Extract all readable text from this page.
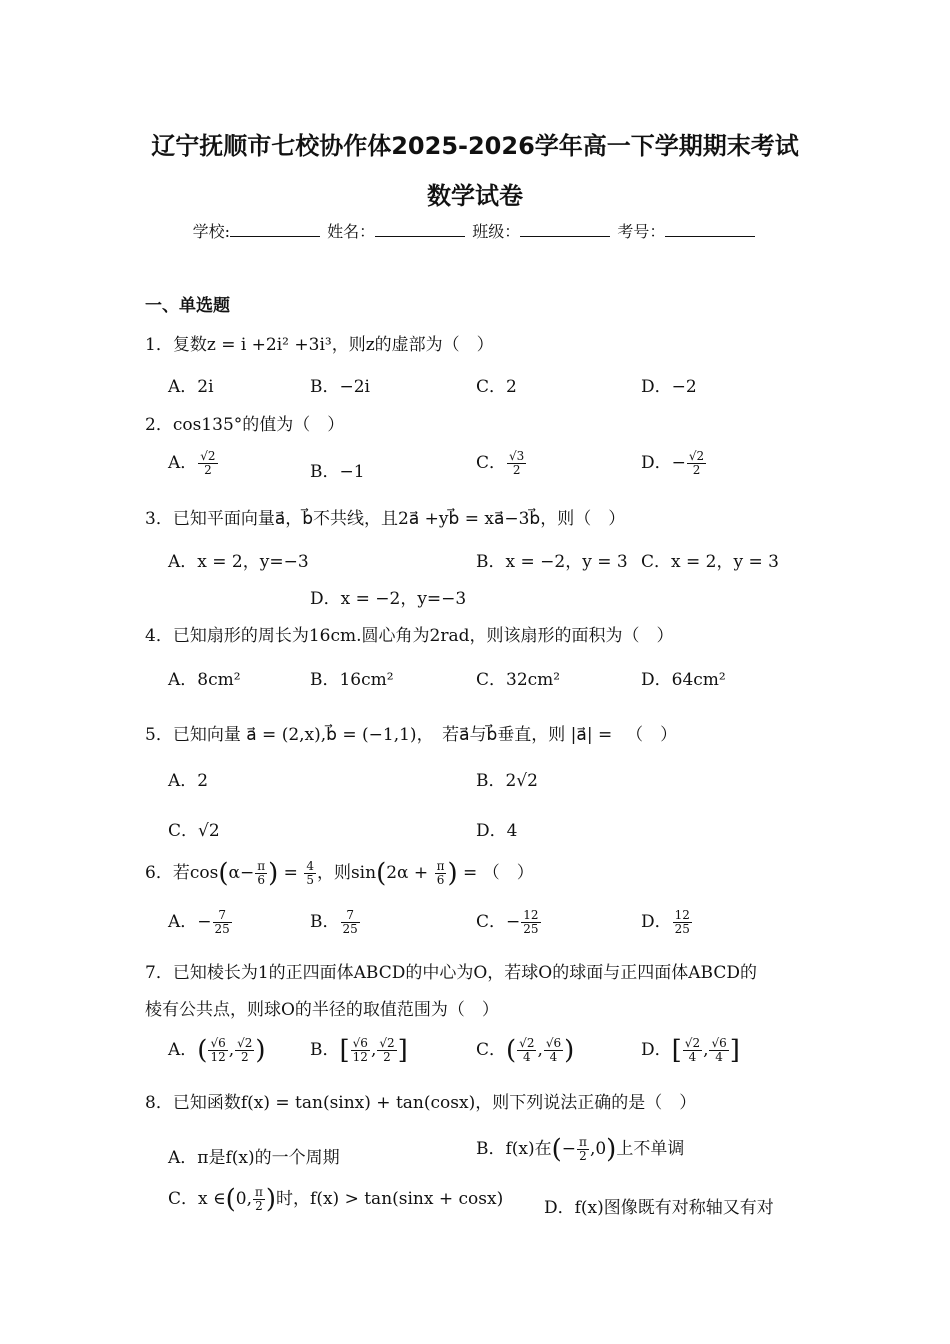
辽宁抚顺市七校协作体2025-2026学年高一下学期期末考试
数学试卷
学校:	姓名：	班级：	考号：
一、单选题
1．复数z = i +2i² +3i³，则z的虚部为（　）
A．2i	B．−2i	C．2	D．−2
2．cos135°的值为（　）
A． $\frac{√2}{2}$	B．−1	C． $\frac{√3}{2}$	D．− $\frac{√2}{2}$
3．已知平面向量a⃗，b⃗不共线，且2a⃗ +yb⃗ = xa⃗−3b⃗，则（　）
A．x = 2，y=−3	B．x = −2，y = 3 C．x = 2，y = 3
D．x = −2，y=−3
4．已知扇形的周长为16cm.圆心角为2rad，则该扇形的面积为（　）
A．8cm²	B．16cm²	C．32cm²	D．64cm²
5．已知向量 a⃗ = (2,x),b⃗ = (−1,1)，　若a⃗与b⃗垂直，则 |a⃗| = 　（　）
A．2	B．2√2
C．√2	D．4
6．若$\cos(\alpha- \frac{\pi}{6}$ ) = $\frac{4}{5}$ ，则$\sin(2\alpha + \frac{\pi}{6}$ ) = （　）
A．− $\frac{7}{25}$	B． $\frac{7}{25}$	C．− $\frac{12}{25}$	D． $\frac{12}{25}$
7．已知棱长为1的正四面体ABCD的中心为O，若球O的球面与正四面体ABCD的
棱有公共点，则球O的半径的取值范围为（　）
A．( $\frac{√6}{12}$ , $\frac{√2}{2}$ )	B．[ $\frac{√6}{12}$ , $\frac{√2}{2}$ ]	C．( $\frac{√2}{4}$ , $\frac{√6}{4}$ )	D．[ $\frac{√2}{4}$ , $\frac{√6}{4}$ ]
8．已知函数f(x) = tan(sinx) + tan(cosx)，则下列说法正确的是（　）
A．π是f(x)的一个周期	B．f(x)在(− $\frac{\pi}{2} ,0$)上不单调
C．x ∈(0, $\frac{\pi}{2}$ )时，f(x) > tan(sinx + cosx) D．f(x)图像既有对称轴又有对
